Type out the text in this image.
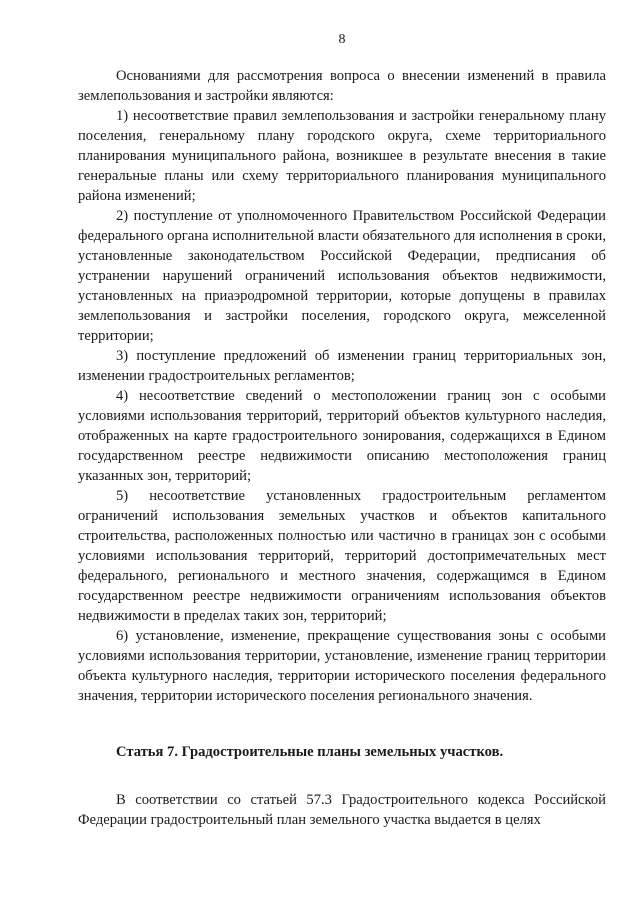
8

Основаниями для рассмотрения вопроса о внесении изменений в правила землепользования и застройки являются:

1) несоответствие правил землепользования и застройки генеральному плану поселения, генеральному плану городского округа, схеме территориального планирования муниципального района, возникшее в результате внесения в такие генеральные планы или схему территориального планирования муниципального района изменений;

2) поступление от уполномоченного Правительством Российской Федерации федерального органа исполнительной власти обязательного для исполнения в сроки, установленные законодательством Российской Федерации, предписания об устранении нарушений ограничений использования объектов недвижимости, установленных на приаэродромной территории, которые допущены в правилах землепользования и застройки поселения, городского округа, межселенной территории;

3) поступление предложений об изменении границ территориальных зон, изменении градостроительных регламентов;

4) несоответствие сведений о местоположении границ зон с особыми условиями использования территорий, территорий объектов культурного наследия, отображенных на карте градостроительного зонирования, содержащихся в Едином государственном реестре недвижимости описанию местоположения границ указанных зон, территорий;

5) несоответствие установленных градостроительным регламентом ограничений использования земельных участков и объектов капитального строительства, расположенных полностью или частично в границах зон с особыми условиями использования территорий, территорий достопримечательных мест федерального, регионального и местного значения, содержащимся в Едином государственном реестре недвижимости ограничениям использования объектов недвижимости в пределах таких зон, территорий;

6) установление, изменение, прекращение существования зоны с особыми условиями использования территории, установление, изменение границ территории объекта культурного наследия, территории исторического поселения федерального значения, территории исторического поселения регионального значения.

Статья 7. Градостроительные планы земельных участков.

В соответствии со статьей 57.3 Градостроительного кодекса Российской Федерации градостроительный план земельного участка выдается в целях
